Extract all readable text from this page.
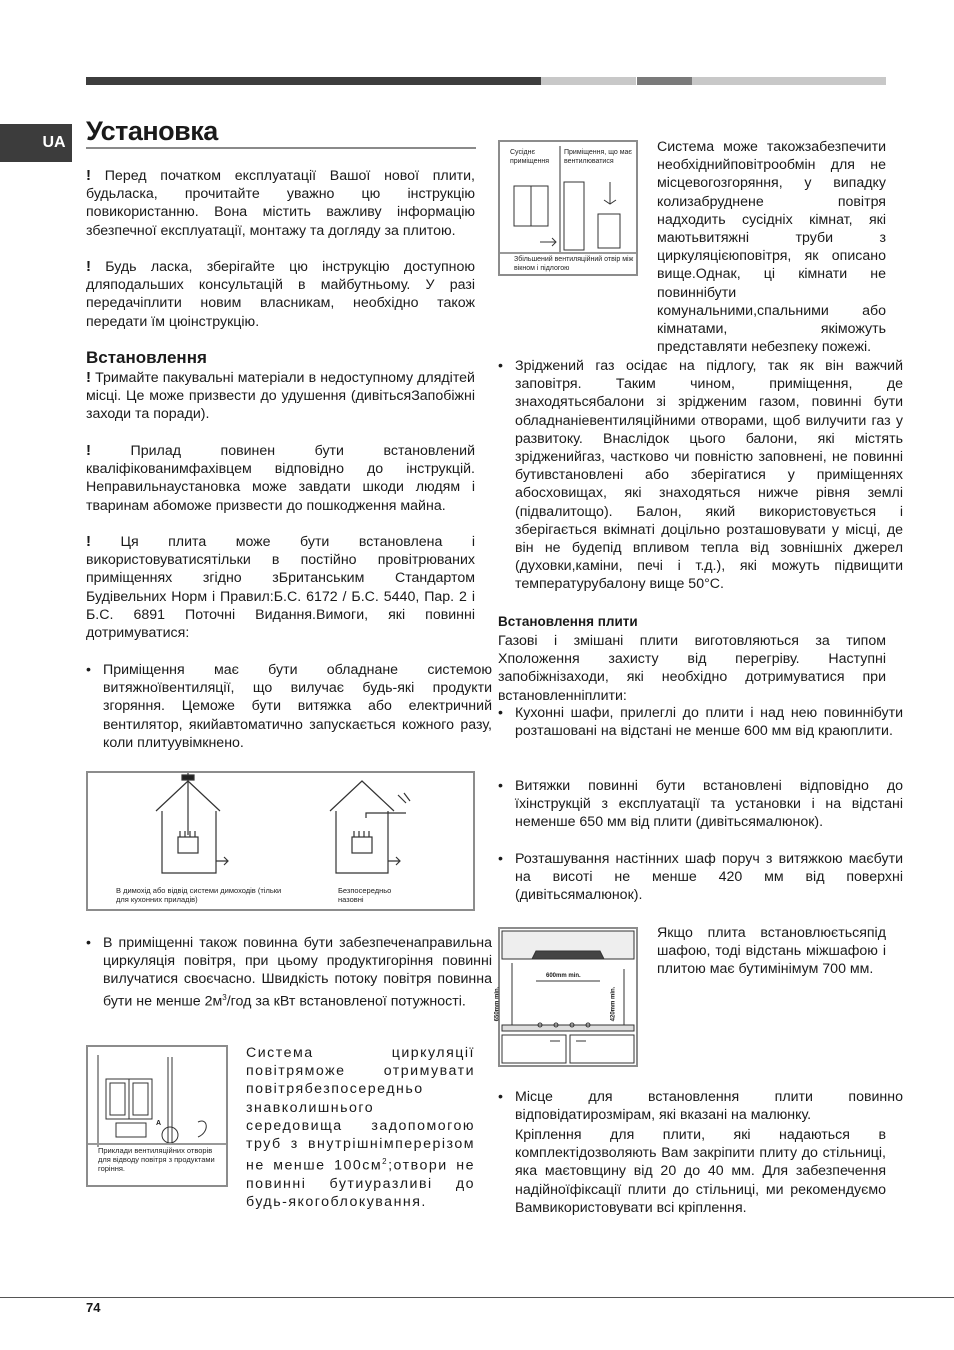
UA Установка
! Перед початком експлуатації Вашої нової плити, будьласка, прочитайте уважно цю інструкцію повикористанню. Вона містить важливу інформацію збезпечної експлуатації, монтажу та догляду за плитою.
! Будь ласка, зберігайте цю інструкцію доступною дляподальших консультацій в майбутньому. У разі передачіплити новим власникам, необхідно також передати їм цюінструкцію.
Встановлення
! Тримайте пакувальні матеріали в недоступному длядітей місці. Це може призвести до удушення (дивітьсяЗапобіжні заходи та поради).
!	Прилад повинен бути встановлений кваліфікованимфахівцем відповідно до інструкцій. Неправильнаустановка може завдати шкоди людям і тваринам абоможе призвести до пошкодження майна.
! Ця плита може бути встановлена і використовуватисятільки в постійно провітрюваних приміщеннях згідно зБританським Стандартом Будівельних Норм і Правил:Б.С. 6172 / Б.С. 5440, Пар. 2 і Б.С. 6891 Поточні Видання.Вимоги, які повинні дотримуватися:
• Приміщення має бути обладнане системою витяжноївентиляції, що вилучає будь-які продукти згоряння. Цеможе бути витяжка або електричний вентилятор, якийавтоматично запускається кожного разу, коли плитуувімкнено.
В димохід або відвід системи димоходів (тільки для кухонних приладів)
Безпосередньо назовні
• В приміщенні також повинна бути забезпеченаправильна циркуляція повітря, при цьому продуктигоріння повинні вилучатися своєчасно. Швидкість потоку повітря повинна бути не менше $2м^3$/год за кВт встановленої потужності.
A
Приклади вентиляційних отворів для відводу повітря з продуктами горіння.
Система циркуляції повітряможе отримувати повітрябезпосередньо знавколишнього середовища задопомогою труб з внутрішнімперерізом не менше $100см^2;отвори$ не повинні бутиуразливі до будь-якогоблокування.
Сусіднє приміщення
Приміщення, що має вентилюватися
Збільшений вентиляційний отвір між вікном і підлогою
Система може такожзабезпечити необхіднийповітрообмін для не місцевогозгоряння, у випадку колизабруднене повітря надходить сусідніх кімнат, які маютьвитяжні труби з циркуляцієюповітря, як описано вище.Однак, ці кімнати не повиннібути комунальними,спальними або кімнатами, якіможуть представляти небезпеку пожежі.
• Зріджений газ осідає на підлогу, так як він важчий заповітря. Таким чином, приміщення, де знаходятьсябалони зі зрідженим газом, повинні бути обладнаніевентиляційними отворами, щоб вилучити газ у развитоку. Внаслідок цього балони, які містять зрідженийгаз, частково чи повністю заповнені, не повинні бутивстановлені або зберігатися у приміщеннях абосховищах, які знаходяться нижче рівня землі (підвалитощо). Балон, який використовується і зберігається вкімнаті доцільно розташовувати у місці, де він не будепід впливом тепла від зовнішніх джерел (духовки,каміни, печі і т.д.), які можуть підвищити температурубалону вище 50°С.
Встановлення плити
Газові і змішані плити виготовляються за типом Хположення захисту від перегріву. Наступні запобіжнізаходи, які необхідно дотримуватися при встановленніплити:
• Кухонні шафи, прилеглі до плити і над нею повиннібути розташовані на відстані не менше 600 мм від краюплити.
• Витяжки повинні бути встановлені відповідно до їхінструкцій з експлуатації та установки і на відстані неменше 650 мм від плити (дивітьсямалюнок).
• Розташування настінних шаф поруч з витяжкою маєбути на висоті не менше 420 мм від поверхні (дивітьсямалюнок).
600mm min.
650mm min.	420mm min.
Якщо плита встановлюєтьсяпід шафою, тоді відстань міжшафою і плитою має бутимінімум 700 мм.
• Місце для встановлення плити повинно відповідатирозмірам, які вказані на малюнку.
Кріплення для плити, які надаються в комплектідозволяють Вам закріпити плиту до стільниці, яка маєтовщину від 20 до 40 мм. Для забезпечення надійноїфіксації плити до стільниці, ми рекомендуємо Вамвикористовувати всі кріплення.
74
